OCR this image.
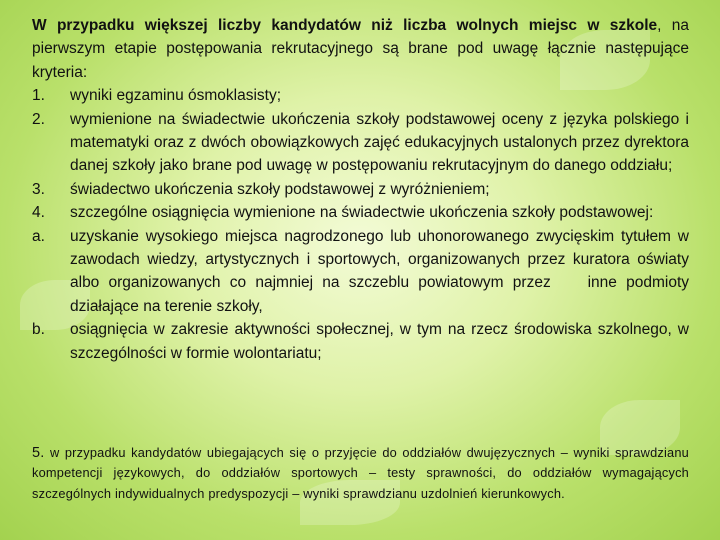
W przypadku większej liczby kandydatów niż liczba wolnych miejsc w szkole, na pierwszym etapie postępowania rekrutacyjnego są brane pod uwagę łącznie następujące kryteria:

1.	wyniki egzaminu ósmoklasisty;
2.	wymienione na świadectwie ukończenia szkoły podstawowej oceny z języka polskiego i matematyki oraz z dwóch obowiązkowych zajęć edukacyjnych ustalonych przez dyrektora danej szkoły jako brane pod uwagę w postępowaniu rekrutacyjnym do danego oddziału;
3.	świadectwo ukończenia szkoły podstawowej z wyróżnieniem;
4.	szczególne osiągnięcia wymienione na świadectwie ukończenia szkoły podstawowej:
a.	uzyskanie wysokiego miejsca nagrodzonego lub uhonorowanego zwycięskim tytułem w zawodach wiedzy, artystycznych i sportowych, organizowanych przez kuratora oświaty albo organizowanych co najmniej na szczeblu powiatowym przez    inne podmioty działające na terenie szkoły,
b.	osiągnięcia w zakresie aktywności społecznej, w tym na rzecz środowiska szkolnego, w szczególności w formie wolontariatu;

5. w przypadku kandydatów ubiegających się o przyjęcie do oddziałów dwujęzycznych – wyniki sprawdzianu kompetencji językowych, do oddziałów sportowych – testy sprawności, do oddziałów wymagających szczególnych indywidualnych predyspozycji – wyniki sprawdzianu uzdolnień kierunkowych.
